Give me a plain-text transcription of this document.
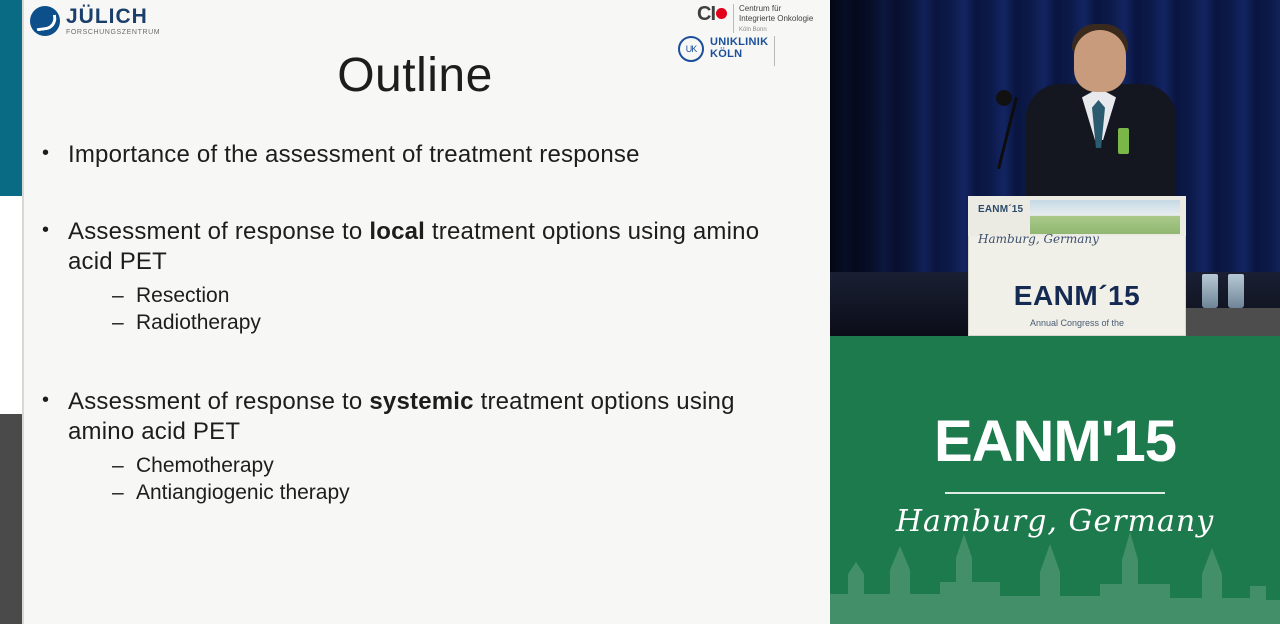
JÜLICH
FORSCHUNGSZENTRUM
CI	Centrum für
Integrierte Onkologie
Köln Bonn
UK
UNIKLINIK
KÖLN
Outline
• Importance of the assessment of treatment response
• Assessment of response to local treatment options using amino acid PET
– Resection
– Radiotherapy
• Assessment of response to systemic treatment options using amino acid PET
– Chemotherapy
– Antiangiogenic therapy
EANM´15
Hamburg, Germany
EANM´15
Annual Congress of the
EANM'15
Hamburg, Germany
